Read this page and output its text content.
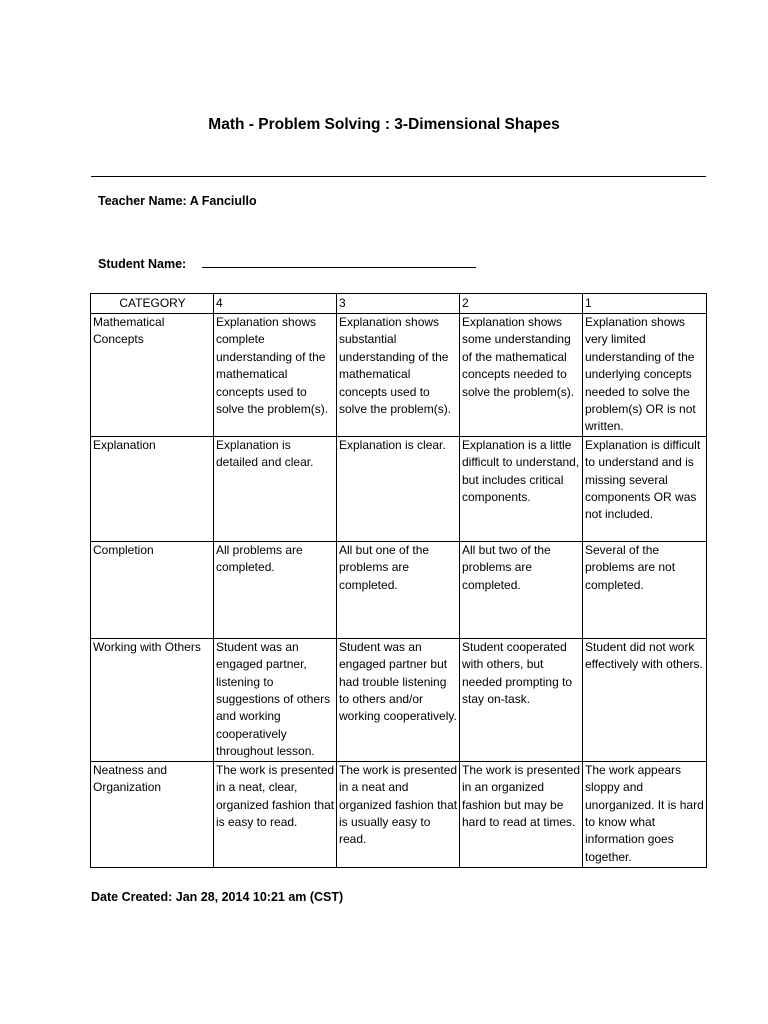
Math - Problem Solving : 3-Dimensional Shapes
Teacher Name: A Fanciullo
Student Name:
CATEGORY	4	3	2	1
Mathematical Concepts	Explanation shows complete understanding of the mathematical concepts used to solve the problem(s).	Explanation shows substantial understanding of the mathematical concepts used to solve the problem(s).	Explanation shows some understanding of the mathematical concepts needed to solve the problem(s).	Explanation shows very limited understanding of the underlying concepts needed to solve the problem(s) OR is not written.
Explanation	Explanation is detailed and clear.	Explanation is clear.	Explanation is a little difficult to understand, but includes critical components.	Explanation is difficult to understand and is missing several components OR was not included.
Completion	All problems are completed.	All but one of the problems are completed.	All but two of the problems are completed.	Several of the problems are not completed.
Working with Others	Student was an engaged partner, listening to suggestions of others and working cooperatively throughout lesson.	Student was an engaged partner but had trouble listening to others and/or working cooperatively.	Student cooperated with others, but needed prompting to stay on-task.	Student did not work effectively with others.
Neatness and Organization	The work is presented in a neat, clear, organized fashion that is easy to read.	The work is presented in a neat and organized fashion that is usually easy to read.	The work is presented in an organized fashion but may be hard to read at times.	The work appears sloppy and unorganized. It is hard to know what information goes together.
Date Created: Jan 28, 2014 10:21 am (CST)
